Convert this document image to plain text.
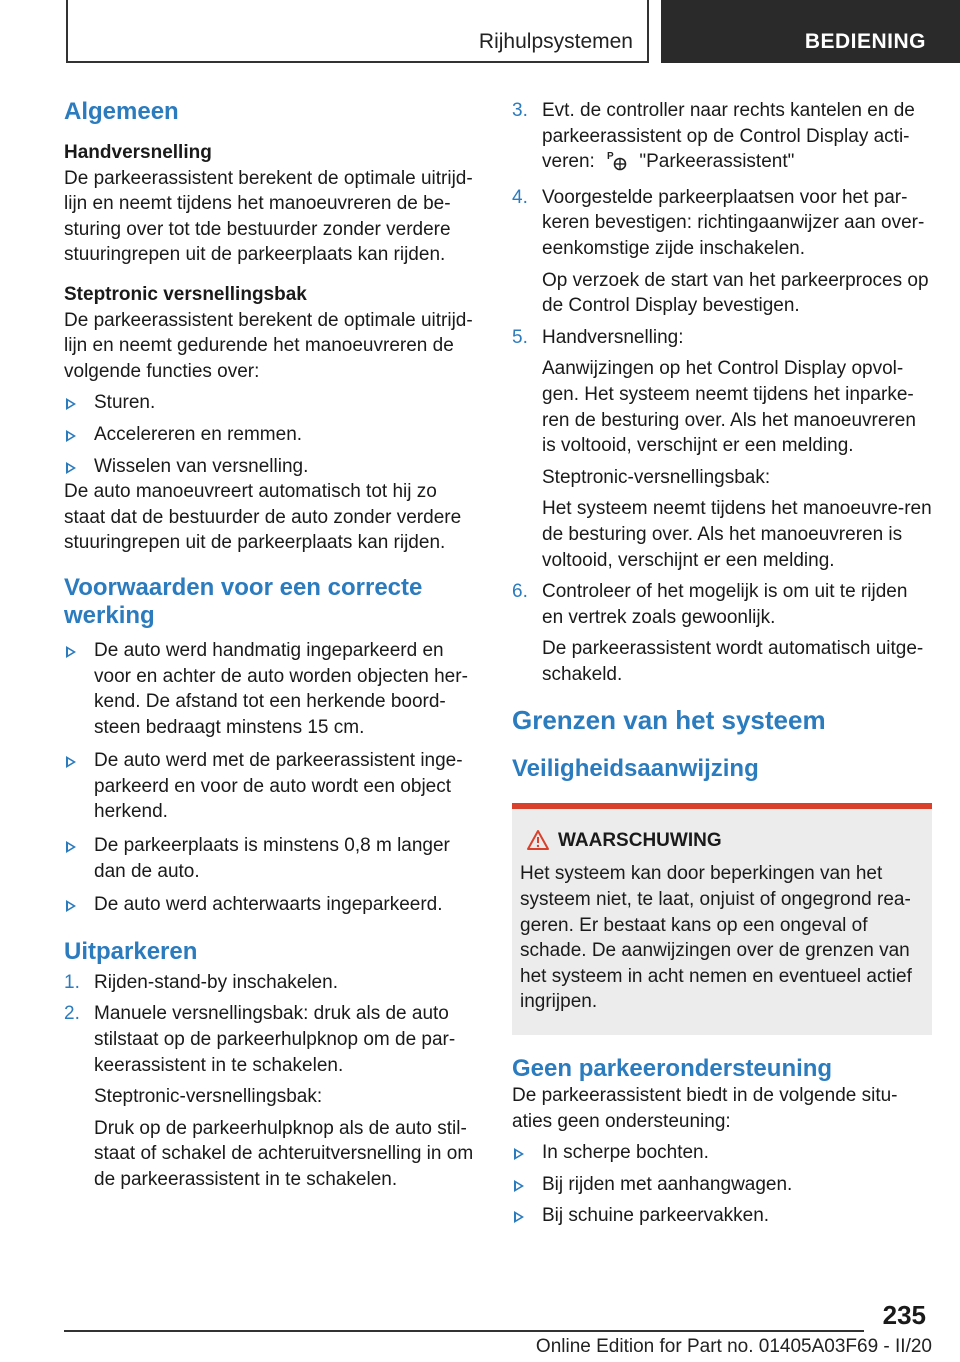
Rijhulpsystemen	BEDIENING
Algemeen

Handversnelling

De parkeerassistent berekent de optimale uitrijd-lijn en neemt tijdens het manoeuvreren de be-sturing over tot tde bestuurder zonder verdere stuuringrepen uit de parkeerplaats kan rijden.

Steptronic versnellingsbak

De parkeerassistent berekent de optimale uitrijd-lijn en neemt gedurende het manoeuvreren de volgende functies over:

Sturen.

Accelereren en remmen.

Wisselen van versnelling.

De auto manoeuvreert automatisch tot hij zo staat dat de bestuurder de auto zonder verdere stuuringrepen uit de parkeerplaats kan rijden.

Voorwaarden voor een correcte werking

De auto werd handmatig ingeparkeerd en voor en achter de auto worden objecten her-kend. De afstand tot een herkende boord-steen bedraagt minstens 15 cm.

De auto werd met de parkeerassistent inge-parkeerd en voor de auto wordt een object herkend.

De parkeerplaats is minstens 0,8 m langer dan de auto.

De auto werd achterwaarts ingeparkeerd.

Uitparkeren
1. Rijden-stand-by inschakelen.
2. Manuele versnellingsbak: druk als de auto stilstaat op de parkeerhulpknop om de par-keerassistent in te schakelen.

Steptronic-versnellingsbak:

Druk op de parkeerhulpknop als de auto stil-staat of schakel de achteruitversnelling in om de parkeerassistent in te schakelen.

3. Evt. de controller naar rechts kantelen en de parkeerassistent op de Control Display acti-veren: P "Parkeerassistent"
4. Voorgestelde parkeerplaatsen voor het par-keren bevestigen: richtingaanwijzer aan over-eenkomstige zijde inschakelen.

Op verzoek de start van het parkeerproces op de Control Display bevestigen.

5. Handversnelling:

Aanwijzingen op het Control Display opvol-gen. Het systeem neemt tijdens het inparke-ren de besturing over. Als het manoeuvreren is voltooid, verschijnt er een melding.

Steptronic-versnellingsbak:

Het systeem neemt tijdens het manoeuvre-ren de besturing over. Als het manoeuvreren is voltooid, verschijnt er een melding.

6. Controleer of het mogelijk is om uit te rijden en vertrek zoals gewoonlijk.

De parkeerassistent wordt automatisch uitge-schakeld.

Grenzen van het systeem
Veiligheidsaanwijzing
WAARSCHUWING

Het systeem kan door beperkingen van het systeem niet, te laat, onjuist of ongegrond rea-geren. Er bestaat kans op een ongeval of schade. De aanwijzingen over de grenzen van het systeem in acht nemen en eventueel actief ingrijpen.

Geen parkeerondersteuning

De parkeerassistent biedt in de volgende situ-aties geen ondersteuning:

In scherpe bochten.

Bij rijden met aanhangwagen.

Bij schuine parkeervakken.

235
Online Edition for Part no. 01405A03F69 - II/20
